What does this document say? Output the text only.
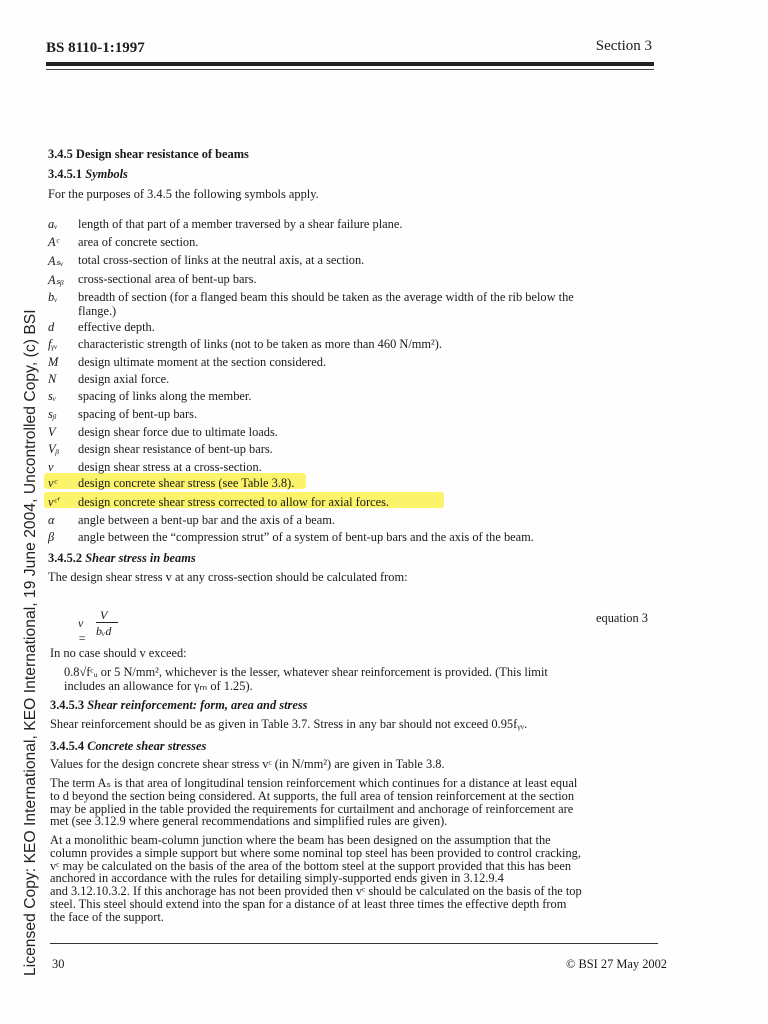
Licensed Copy: KEO International, KEO International, 19 June 2004, Uncontrolled Copy, (c) BSI
BS 8110-1:1997	Section 3
3.4.5 Design shear resistance of beams
3.4.5.1 Symbols
For the purposes of 3.4.5 the following symbols apply.
aᵥ length of that part of a member traversed by a shear failure plane.
Aᶜ area of concrete section.
Aₛᵥ total cross-section of links at the neutral axis, at a section.
Aₛᵦ cross-sectional area of bent-up bars.
bᵥ breadth of section (for a flanged beam this should be taken as the average width of the rib below the
flange.)
d effective depth.
fᵧᵥ characteristic strength of links (not to be taken as more than 460 N/mm²).
M design ultimate moment at the section considered.
N design axial force.
sᵥ spacing of links along the member.
sᵦ spacing of bent-up bars.
V design shear force due to ultimate loads.
Vᵦ design shear resistance of bent-up bars.
v design shear stress at a cross-section.
vᶜ design concrete shear stress (see Table 3.8).
vᶜ′ design concrete shear stress corrected to allow for axial forces.
α angle between a bent-up bar and the axis of a beam.
β angle between the “compression strut” of a system of bent-up bars and the axis of the beam.
3.4.5.2 Shear stress in beams
The design shear stress v at any cross-section should be calculated from:
v =
V
bᵥd
equation 3
In no case should v exceed:
0.8√fᶜᵤ or 5 N/mm², whichever is the lesser, whatever shear reinforcement is provided. (This limit
includes an allowance for γₘ of 1.25).
3.4.5.3 Shear reinforcement: form, area and stress
Shear reinforcement should be as given in Table 3.7. Stress in any bar should not exceed 0.95fᵧᵥ.
3.4.5.4 Concrete shear stresses
Values for the design concrete shear stress vᶜ (in N/mm²) are given in Table 3.8.
The term Aₛ is that area of longitudinal tension reinforcement which continues for a distance at least equal
to d beyond the section being considered. At supports, the full area of tension reinforcement at the section
may be applied in the table provided the requirements for curtailment and anchorage of reinforcement are
met (see 3.12.9 where general recommendations and simplified rules are given).
At a monolithic beam-column junction where the beam has been designed on the assumption that the
column provides a simple support but where some nominal top steel has been provided to control cracking,
vᶜ may be calculated on the basis of the area of the bottom steel at the support provided that this has been
anchored in accordance with the rules for detailing simply-supported ends given in 3.12.9.4
and 3.12.10.3.2. If this anchorage has not been provided then vᶜ should be calculated on the basis of the top
steel. This steel should extend into the span for a distance of at least three times the effective depth from
the face of the support.
30	© BSI 27 May 2002
